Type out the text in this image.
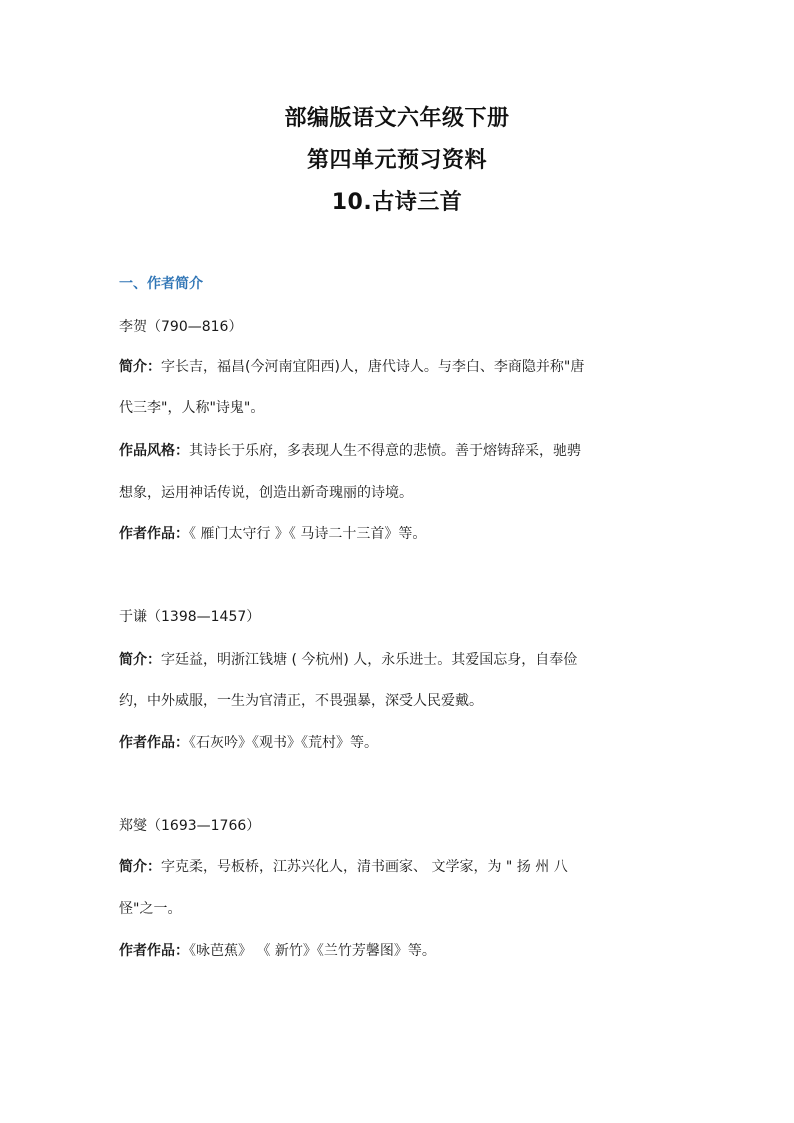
部编版语文六年级下册
第四单元预习资料
10.古诗三首
一、作者简介
李贺（790—816）
简介：字长吉，福昌(今河南宜阳西)人，唐代诗人。与李白、李商隐并称"唐
代三李"，人称"诗鬼"。
作品风格：其诗长于乐府，多表现人生不得意的悲愤。善于熔铸辞采，驰骋
想象，运用神话传说，创造出新奇瑰丽的诗境。
作者作品：《 雁门太守行 》《 马诗二十三首》等。
于谦（1398—1457）
简介：字廷益，明浙江钱塘 ( 今杭州) 人，永乐进士。其爱国忘身，自奉俭
约，中外威服，一生为官清正，不畏强暴，深受人民爱戴。
作者作品：《石灰吟》《观书》《荒村》等。
郑燮（1693—1766）
简介：字克柔，号板桥，江苏兴化人，清书画家、 文学家，为 " 扬 州 八
怪"之一。
作者作品：《咏芭蕉》 《 新竹》《兰竹芳馨图》等。
